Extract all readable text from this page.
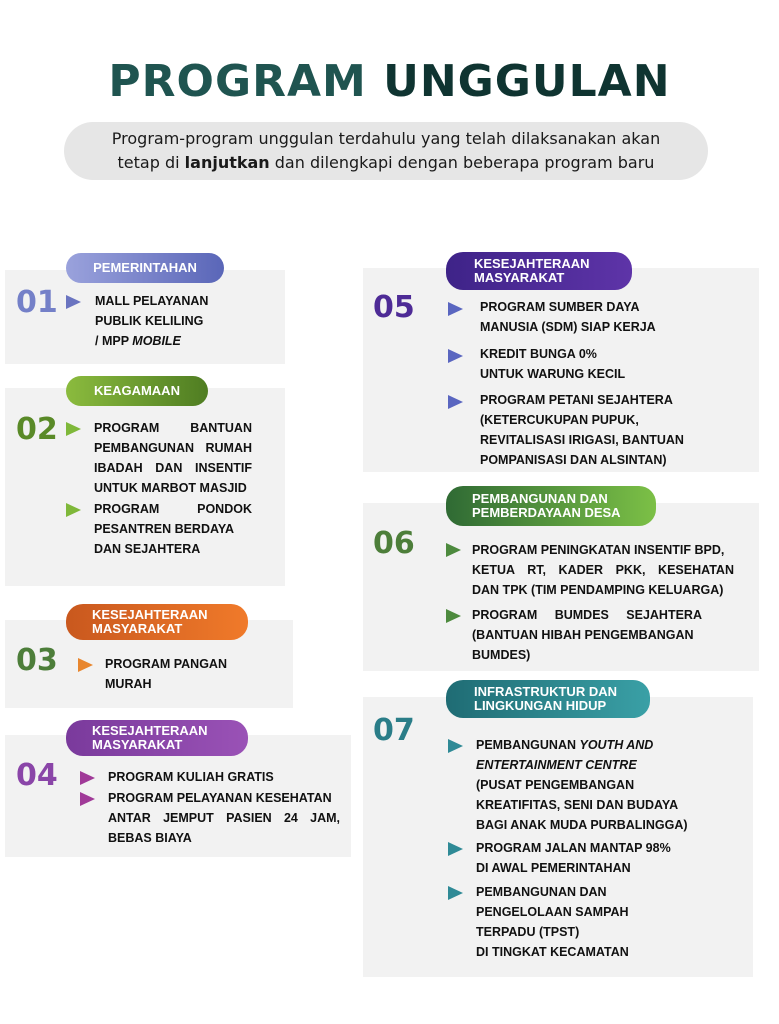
PROGRAM UNGGULAN
Program-program unggulan terdahulu yang telah dilaksanakan akan
tetap di lanjutkan dan dilengkapi dengan beberapa program baru
PEMERINTAHAN
01	MALL PELAYANAN
PUBLIK KELILING
/ MPP MOBILE
KEAGAMAAN
02	PROGRAM BANTUAN
PEMBANGUNAN RUMAH
IBADAH DAN INSENTIF
UNTUK MARBOT MASJID
PROGRAM PONDOK
PESANTREN BERDAYA
DAN SEJAHTERA
KESEJAHTERAAN
MASYARAKAT
03	PROGRAM PANGAN
MURAH
KESEJAHTERAAN
MASYARAKAT
04	PROGRAM KULIAH GRATIS
PROGRAM PELAYANAN KESEHATAN
ANTAR JEMPUT PASIEN 24 JAM,
BEBAS BIAYA
KESEJAHTERAAN
MASYARAKAT
05	PROGRAM SUMBER DAYA
MANUSIA (SDM) SIAP KERJA
KREDIT BUNGA 0%
UNTUK WARUNG KECIL
PROGRAM PETANI SEJAHTERA
(KETERCUKUPAN PUPUK,
REVITALISASI IRIGASI, BANTUAN
POMPANISASI DAN ALSINTAN)
PEMBANGUNAN DAN
PEMBERDAYAAN DESA
06	PROGRAM PENINGKATAN INSENTIF BPD,
KETUA RT, KADER PKK, KESEHATAN
DAN TPK (TIM PENDAMPING KELUARGA)
PROGRAM BUMDES SEJAHTERA
(BANTUAN HIBAH PENGEMBANGAN
BUMDES)
INFRASTRUKTUR DAN
LINGKUNGAN HIDUP
07	PEMBANGUNAN YOUTH AND
ENTERTAINMENT CENTRE
(PUSAT PENGEMBANGAN
KREATIFITAS, SENI DAN BUDAYA
BAGI ANAK MUDA PURBALINGGA)
PROGRAM JALAN MANTAP 98%
DI AWAL PEMERINTAHAN
PEMBANGUNAN DAN
PENGELOLAAN SAMPAH
TERPADU (TPST)
DI TINGKAT KECAMATAN
